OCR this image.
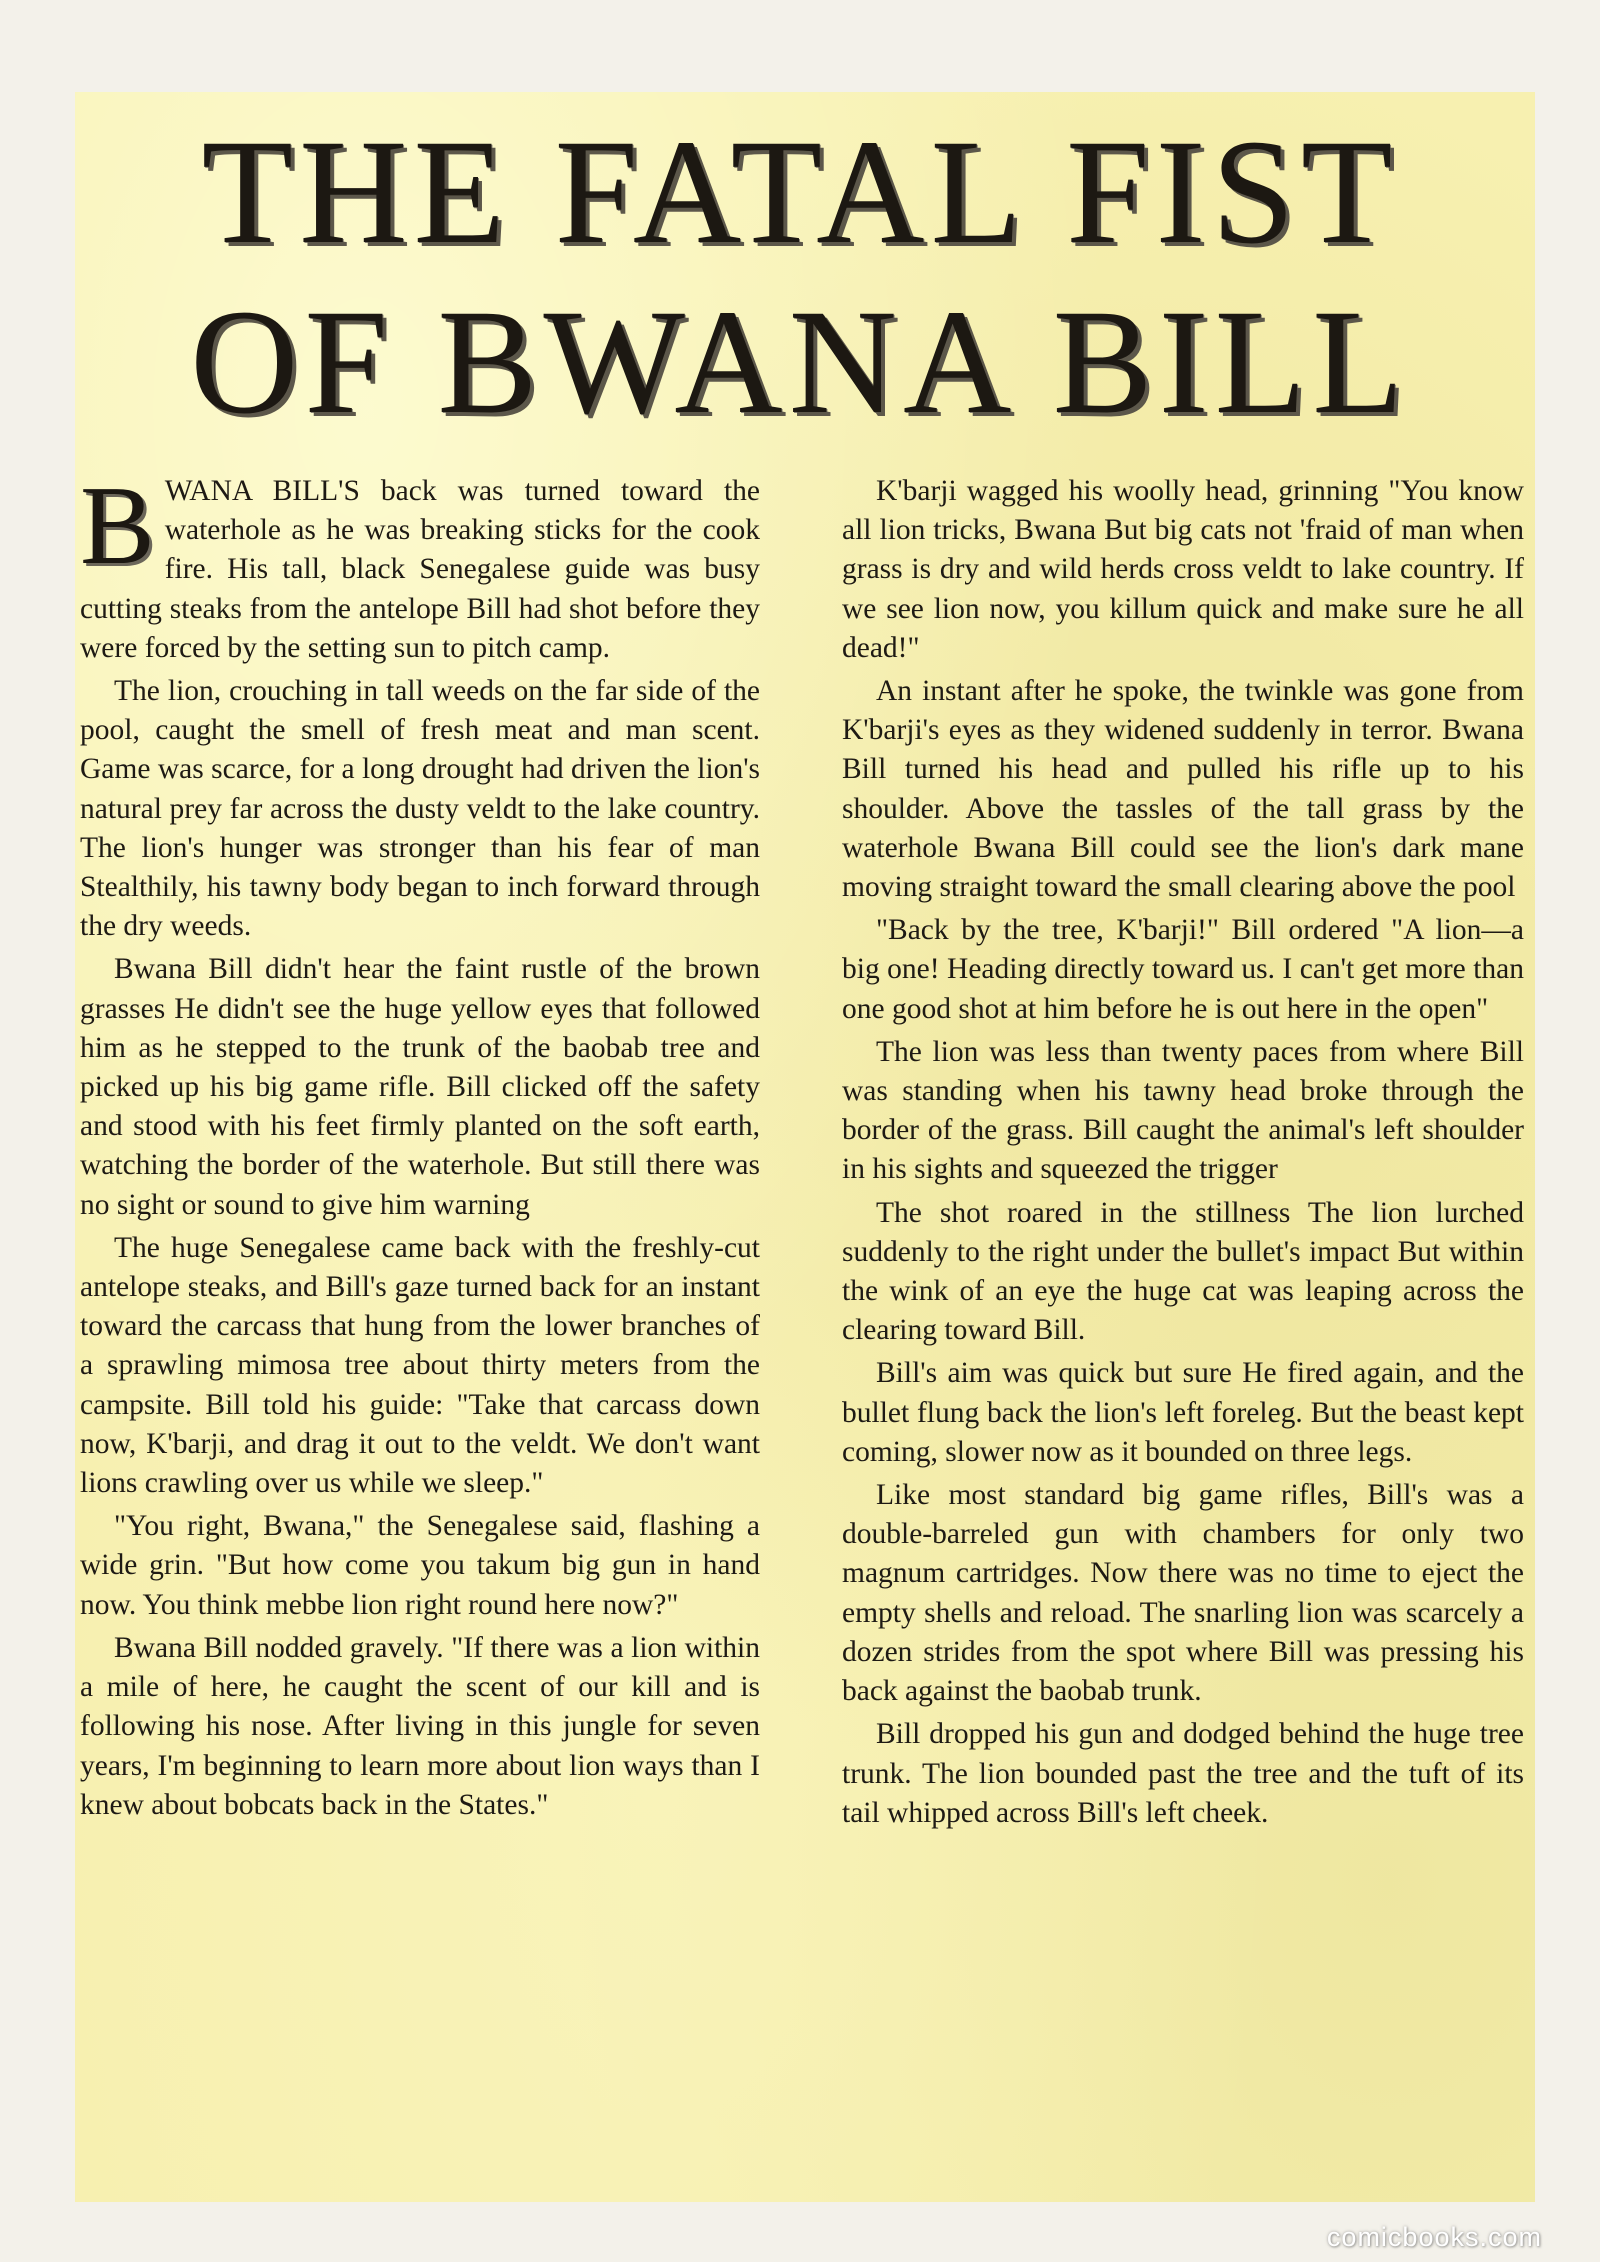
THE FATAL FIST
OF BWANA BILL

BWANA BILL'S back was turned toward the waterhole as he was breaking sticks for the cook fire. His tall, black Senegalese guide was busy cutting steaks from the antelope Bill had shot before they were forced by the setting sun to pitch camp.

The lion, crouching in tall weeds on the far side of the pool, caught the smell of fresh meat and man scent. Game was scarce, for a long drought had driven the lion's natural prey far across the dusty veldt to the lake country. The lion's hunger was stronger than his fear of man Stealthily, his tawny body began to inch forward through the dry weeds.

Bwana Bill didn't hear the faint rustle of the brown grasses He didn't see the huge yellow eyes that followed him as he stepped to the trunk of the baobab tree and picked up his big game rifle. Bill clicked off the safety and stood with his feet firmly planted on the soft earth, watching the border of the waterhole. But still there was no sight or sound to give him warning

The huge Senegalese came back with the freshly-cut antelope steaks, and Bill's gaze turned back for an instant toward the carcass that hung from the lower branches of a sprawling mimosa tree about thirty meters from the campsite. Bill told his guide: "Take that carcass down now, K'barji, and drag it out to the veldt. We don't want lions crawling over us while we sleep."

"You right, Bwana," the Senegalese said, flashing a wide grin. "But how come you takum big gun in hand now. You think mebbe lion right round here now?"

Bwana Bill nodded gravely. "If there was a lion within a mile of here, he caught the scent of our kill and is following his nose. After living in this jungle for seven years, I'm beginning to learn more about lion ways than I knew about bobcats back in the States."

K'barji wagged his woolly head, grinning "You know all lion tricks, Bwana But big cats not 'fraid of man when grass is dry and wild herds cross veldt to lake country. If we see lion now, you killum quick and make sure he all dead!"

An instant after he spoke, the twinkle was gone from K'barji's eyes as they widened suddenly in terror. Bwana Bill turned his head and pulled his rifle up to his shoulder. Above the tassles of the tall grass by the waterhole Bwana Bill could see the lion's dark mane moving straight toward the small clearing above the pool

"Back by the tree, K'barji!" Bill ordered "A lion—a big one! Heading directly toward us. I can't get more than one good shot at him before he is out here in the open"

The lion was less than twenty paces from where Bill was standing when his tawny head broke through the border of the grass. Bill caught the animal's left shoulder in his sights and squeezed the trigger

The shot roared in the stillness The lion lurched suddenly to the right under the bullet's impact But within the wink of an eye the huge cat was leaping across the clearing toward Bill.

Bill's aim was quick but sure He fired again, and the bullet flung back the lion's left foreleg. But the beast kept coming, slower now as it bounded on three legs.

Like most standard big game rifles, Bill's was a double-barreled gun with chambers for only two magnum cartridges. Now there was no time to eject the empty shells and reload. The snarling lion was scarcely a dozen strides from the spot where Bill was pressing his back against the baobab trunk.

Bill dropped his gun and dodged behind the huge tree trunk. The lion bounded past the tree and the tuft of its tail whipped across Bill's left cheek.

comicbooks.com
